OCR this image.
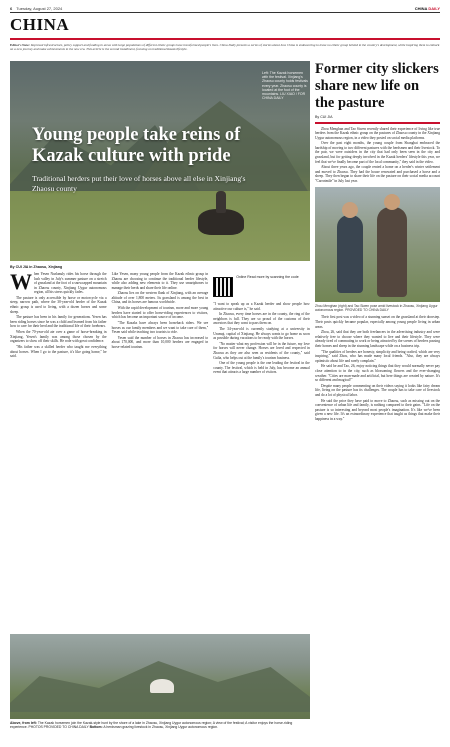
6 Tuesday, August 27, 2024	CHINA DAILY
CHINA
Editor's Note: Improved infrastructure, policy support and funding in areas with large populations of different ethnic groups have transformed people's lives. China Daily presents a series of stories about how China is endeavoring to leave no ethnic group behind in the country's development, while inspiring them to embark on a new journey and make achievements in the new era. This article is the second installment, focusing on traditional Kazak lifestyle.
Young people take reins of Kazak culture with pride
Traditional herders put their love of horses above all else in Xinjiang's Zhaosu county
Left: The Kazak horsemen with the festival. Xinjiang's Zhaosu county holds festivals every year. Zhaosu county is located at the foot of the mountains. LIU XIAO / FOR CHINA DAILY
Former city slickers share new life on the pasture
By CUI JIA

Zhou Menghan and Tao Siwen recently shared their experience of living like true herders from the Kazak ethnic group on the pastures of Zhaosu county in the Xinjiang Uygur autonomous region, in a video they posted on social media platforms.

Over the past eight months, the young couple from Shanghai embraced the hardship of moving to two different pastures with the herdsmen and their livestock. To the pair, we were outsiders in the city that had only been seen in the city and grassland, but for getting deeply involved in the Kazak herders' lifestyle this year, we feel that we've finally become part of the local community," they said in the video.

About three years ago, the couple rented a home on a herder's winter settlement and moved to Zhaosu. They had the house renovated and purchased a horse and a sheep. They then began to share their life on the pasture on their social media account "Carrotmile" in July last year.

Zhou Menghan (right) and Tao Siwen pose amid livestock in Zhaosu, Xinjiang Uygur autonomous region. PROVIDED TO CHINA DAILY

Their first post was a video of a stunning sunset on the grassland at their doorstep. Their posts quickly became popular, especially among young people living in urban areas.

Zhou, 26, said that they are both freelancers in the advertising industry and were relatively free to choose where they wanted to live and their lifestyle. They were already tired of commuting to work or being attracted by the scenes of herders passing their homes and sheep in the stunning landscape while on a business trip.

"The qualities of herders are honesty, simplicity and being crafted, which are very inspiring," said Zhou, who has made many local friends. "Also, they are always optimistic about life and rarely complain."

He said he and Tao, 26, enjoy noticing things that they would normally never pay close attention to in the city, such as blossoming flowers and the ever-changing weather. "Cities are man-made and artificial, but here things are created by nature. It's so different and magical!"

Despite many people commenting on their videos saying it looks like fairy dream life, living on the pasture has its challenges. The couple has to take care of livestock and do a lot of physical labor.

He said the price they have paid to move to Zhaosu, such as missing out on the convenience of urban life and family, is nothing compared to their gains. "Life on the pasture is so interesting and beyond most people's imagination. It's like we've been given a new life. It's an extraordinary experience that taught us things that make their happiness in a way."

By CUI JIA in Zhaosu, Xinjiang

When Yesen Nurlanuly rides his horse through the lush valley in July's summer pasture on a stretch of grassland at the foot of a snowcapped mountain in Zhaosu county, Xinjiang Uygur autonomous region, all his stress quickly fades.

The pasture is only accessible by horse or motorcycle via a steep, narrow path, where the 30-year-old herder of the Kazak ethnic group is used to living, with a dozen horses and some sheep.

The pasture has been in his family for generations. Yesen has been riding horses since he was a child and learned from his father how to care for their herd and the traditional life of their forebears.

When the 70-year-old ate over a game of horse-breaking in Xinjiang, Yesen's family was among those chosen by the organizers to show off their skills. He rode with great confidence.

"His father was a skilled herder who taught me everything about horses. When I go to the pasture, it's like going home," he said.

Like Yesen, many young people from the Kazak ethnic group in Zhaosu are choosing to continue the traditional herder lifestyle, while also adding new elements to it. They use smartphones to manage their herds and share their life online.

Zhaosu lies on the western flank of Xinjiang, with an average altitude of over 1,800 meters. Its grassland is among the best in China, and its horses are famous worldwide.

With the rapid development of tourism, more and more young herders have started to offer horse-riding experiences to visitors, which has become an important source of income.

"The Kazaks have always been horseback riders. We see horses as our family members and we want to take care of them," Yesen said while teaching two tourists to ride.

Yesen said the number of horses in Zhaosu has increased to about 170,000, and more than 10,000 herders are engaged in horse-related tourism.

Online Read more by scanning the code

"I want to speak up as a Kazak herder and show people how attractive our culture is," he said.

In Zhaosu, every time horses are in the county, the ring of the neighbors is full. They are so proud of the customs of their ancestors that they want to pass them on.

The 34-year-old is currently studying at a university in Urumqi, capital of Xinjiang. He always wants to go home as soon as possible during vacations to be ready with the horses.

"No matter what my profession will be in the future, my love for horses will never change. Horses are loved and respected in Zhaosu as they are also seen as residents of the county," said Gulia, who helps out at the family's tourism business.

One of the young people is the one leading the festival in the county. The festival, which is held in July, has become an annual event that attracts a large number of visitors.

Above, from left: The Kazak horsemen join the Kazak-style hunt by the shore of a lake in Zhaosu, Xinjiang Uygur autonomous region; A view of the festival; A visitor enjoys the horse-riding experience. PHOTOS PROVIDED TO CHINA DAILY Bottom: A herdsman grazing livestock in Zhaosu, Xinjiang Uygur autonomous region.
